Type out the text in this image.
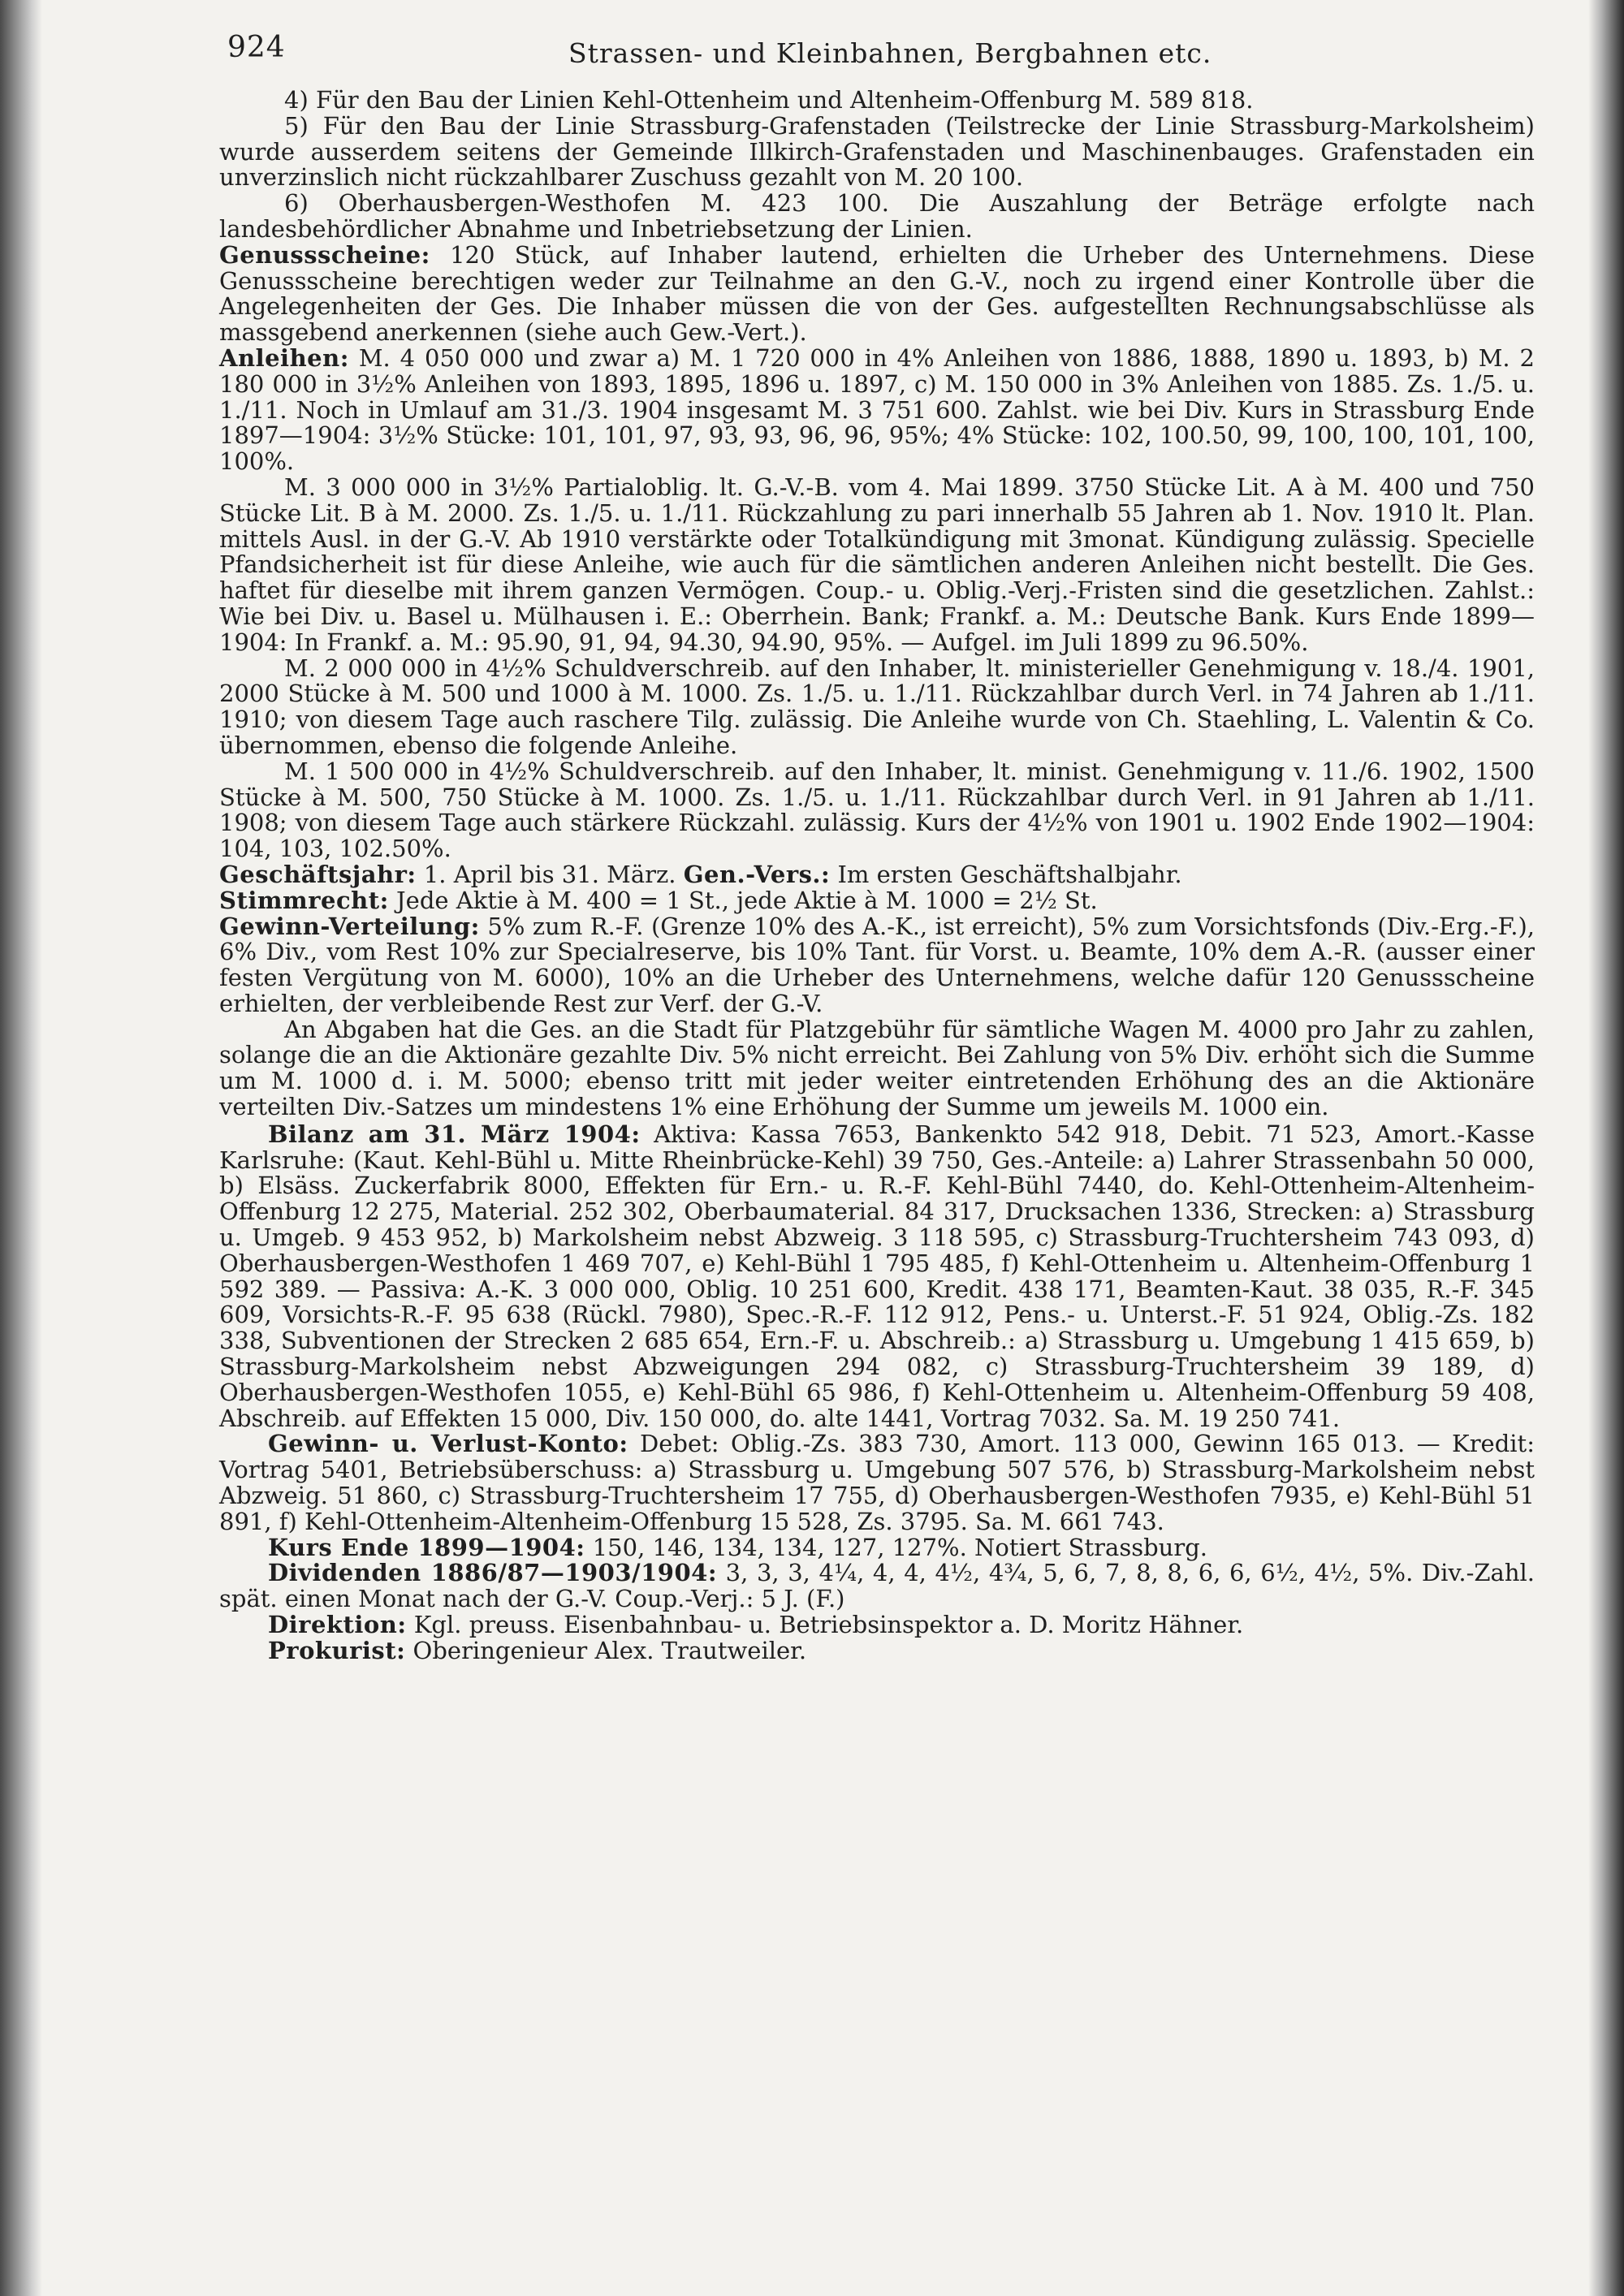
924	Strassen- und Kleinbahnen, Bergbahnen etc.

4) Für den Bau der Linien Kehl-Ottenheim und Altenheim-Offenburg M. 589 818.

5) Für den Bau der Linie Strassburg-Grafenstaden (Teilstrecke der Linie Strassburg-Markolsheim) wurde ausserdem seitens der Gemeinde Illkirch-Grafenstaden und Maschinenbauges. Grafenstaden ein unverzinslich nicht rückzahlbarer Zuschuss gezahlt von M. 20 100.

6) Oberhausbergen-Westhofen M. 423 100. Die Auszahlung der Beträge erfolgte nach landesbehördlicher Abnahme und Inbetriebsetzung der Linien.

Genussscheine: 120 Stück, auf Inhaber lautend, erhielten die Urheber des Unternehmens. Diese Genussscheine berechtigen weder zur Teilnahme an den G.-V., noch zu irgend einer Kontrolle über die Angelegenheiten der Ges. Die Inhaber müssen die von der Ges. aufgestellten Rechnungsabschlüsse als massgebend anerkennen (siehe auch Gew.-Vert.).

Anleihen: M. 4 050 000 und zwar a) M. 1 720 000 in 4% Anleihen von 1886, 1888, 1890 u. 1893, b) M. 2 180 000 in 3½% Anleihen von 1893, 1895, 1896 u. 1897, c) M. 150 000 in 3% Anleihen von 1885. Zs. 1./5. u. 1./11. Noch in Umlauf am 31./3. 1904 insgesamt M. 3 751 600. Zahlst. wie bei Div. Kurs in Strassburg Ende 1897—1904: 3½% Stücke: 101, 101, 97, 93, 93, 96, 96, 95%; 4% Stücke: 102, 100.50, 99, 100, 100, 101, 100, 100%.

M. 3 000 000 in 3½% Partialoblig. lt. G.-V.-B. vom 4. Mai 1899. 3750 Stücke Lit. A à M. 400 und 750 Stücke Lit. B à M. 2000. Zs. 1./5. u. 1./11. Rückzahlung zu pari innerhalb 55 Jahren ab 1. Nov. 1910 lt. Plan. mittels Ausl. in der G.-V. Ab 1910 verstärkte oder Totalkündigung mit 3monat. Kündigung zulässig. Specielle Pfandsicherheit ist für diese Anleihe, wie auch für die sämtlichen anderen Anleihen nicht bestellt. Die Ges. haftet für dieselbe mit ihrem ganzen Vermögen. Coup.- u. Oblig.-Verj.-Fristen sind die gesetzlichen. Zahlst.: Wie bei Div. u. Basel u. Mülhausen i. E.: Oberrhein. Bank; Frankf. a. M.: Deutsche Bank. Kurs Ende 1899—1904: In Frankf. a. M.: 95.90, 91, 94, 94.30, 94.90, 95%. — Aufgel. im Juli 1899 zu 96.50%.

M. 2 000 000 in 4½% Schuldverschreib. auf den Inhaber, lt. ministerieller Genehmigung v. 18./4. 1901, 2000 Stücke à M. 500 und 1000 à M. 1000. Zs. 1./5. u. 1./11. Rückzahlbar durch Verl. in 74 Jahren ab 1./11. 1910; von diesem Tage auch raschere Tilg. zulässig. Die Anleihe wurde von Ch. Staehling, L. Valentin & Co. übernommen, ebenso die folgende Anleihe.

M. 1 500 000 in 4½% Schuldverschreib. auf den Inhaber, lt. minist. Genehmigung v. 11./6. 1902, 1500 Stücke à M. 500, 750 Stücke à M. 1000. Zs. 1./5. u. 1./11. Rückzahlbar durch Verl. in 91 Jahren ab 1./11. 1908; von diesem Tage auch stärkere Rückzahl. zulässig. Kurs der 4½% von 1901 u. 1902 Ende 1902—1904: 104, 103, 102.50%.

Geschäftsjahr: 1. April bis 31. März. Gen.-Vers.: Im ersten Geschäftshalbjahr.

Stimmrecht: Jede Aktie à M. 400 = 1 St., jede Aktie à M. 1000 = 2½ St.

Gewinn-Verteilung: 5% zum R.-F. (Grenze 10% des A.-K., ist erreicht), 5% zum Vorsichtsfonds (Div.-Erg.-F.), 6% Div., vom Rest 10% zur Specialreserve, bis 10% Tant. für Vorst. u. Beamte, 10% dem A.-R. (ausser einer festen Vergütung von M. 6000), 10% an die Urheber des Unternehmens, welche dafür 120 Genussscheine erhielten, der verbleibende Rest zur Verf. der G.-V.

An Abgaben hat die Ges. an die Stadt für Platzgebühr für sämtliche Wagen M. 4000 pro Jahr zu zahlen, solange die an die Aktionäre gezahlte Div. 5% nicht erreicht. Bei Zahlung von 5% Div. erhöht sich die Summe um M. 1000 d. i. M. 5000; ebenso tritt mit jeder weiter eintretenden Erhöhung des an die Aktionäre verteilten Div.-Satzes um mindestens 1% eine Erhöhung der Summe um jeweils M. 1000 ein.

Bilanz am 31. März 1904: Aktiva: Kassa 7653, Bankenkto 542 918, Debit. 71 523, Amort.-Kasse Karlsruhe: (Kaut. Kehl-Bühl u. Mitte Rheinbrücke-Kehl) 39 750, Ges.-Anteile: a) Lahrer Strassenbahn 50 000, b) Elsäss. Zuckerfabrik 8000, Effekten für Ern.- u. R.-F. Kehl-Bühl 7440, do. Kehl-Ottenheim-Altenheim-Offenburg 12 275, Material. 252 302, Oberbaumaterial. 84 317, Drucksachen 1336, Strecken: a) Strassburg u. Umgeb. 9 453 952, b) Markolsheim nebst Abzweig. 3 118 595, c) Strassburg-Truchtersheim 743 093, d) Oberhausbergen-Westhofen 1 469 707, e) Kehl-Bühl 1 795 485, f) Kehl-Ottenheim u. Altenheim-Offenburg 1 592 389. — Passiva: A.-K. 3 000 000, Oblig. 10 251 600, Kredit. 438 171, Beamten-Kaut. 38 035, R.-F. 345 609, Vorsichts-R.-F. 95 638 (Rückl. 7980), Spec.-R.-F. 112 912, Pens.- u. Unterst.-F. 51 924, Oblig.-Zs. 182 338, Subventionen der Strecken 2 685 654, Ern.-F. u. Abschreib.: a) Strassburg u. Umgebung 1 415 659, b) Strassburg-Markolsheim nebst Abzweigungen 294 082, c) Strassburg-Truchtersheim 39 189, d) Oberhausbergen-Westhofen 1055, e) Kehl-Bühl 65 986, f) Kehl-Ottenheim u. Altenheim-Offenburg 59 408, Abschreib. auf Effekten 15 000, Div. 150 000, do. alte 1441, Vortrag 7032. Sa. M. 19 250 741.

Gewinn- u. Verlust-Konto: Debet: Oblig.-Zs. 383 730, Amort. 113 000, Gewinn 165 013. — Kredit: Vortrag 5401, Betriebsüberschuss: a) Strassburg u. Umgebung 507 576, b) Strassburg-Markolsheim nebst Abzweig. 51 860, c) Strassburg-Truchtersheim 17 755, d) Oberhausbergen-Westhofen 7935, e) Kehl-Bühl 51 891, f) Kehl-Ottenheim-Altenheim-Offenburg 15 528, Zs. 3795. Sa. M. 661 743.

Kurs Ende 1899—1904: 150, 146, 134, 134, 127, 127%. Notiert Strassburg.

Dividenden 1886/87—1903/1904: 3, 3, 3, 4¼, 4, 4, 4½, 4¾, 5, 6, 7, 8, 8, 6, 6, 6½, 4½, 5%. Div.-Zahl. spät. einen Monat nach der G.-V. Coup.-Verj.: 5 J. (F.)

Direktion: Kgl. preuss. Eisenbahnbau- u. Betriebsinspektor a. D. Moritz Hähner.

Prokurist: Oberingenieur Alex. Trautweiler.
